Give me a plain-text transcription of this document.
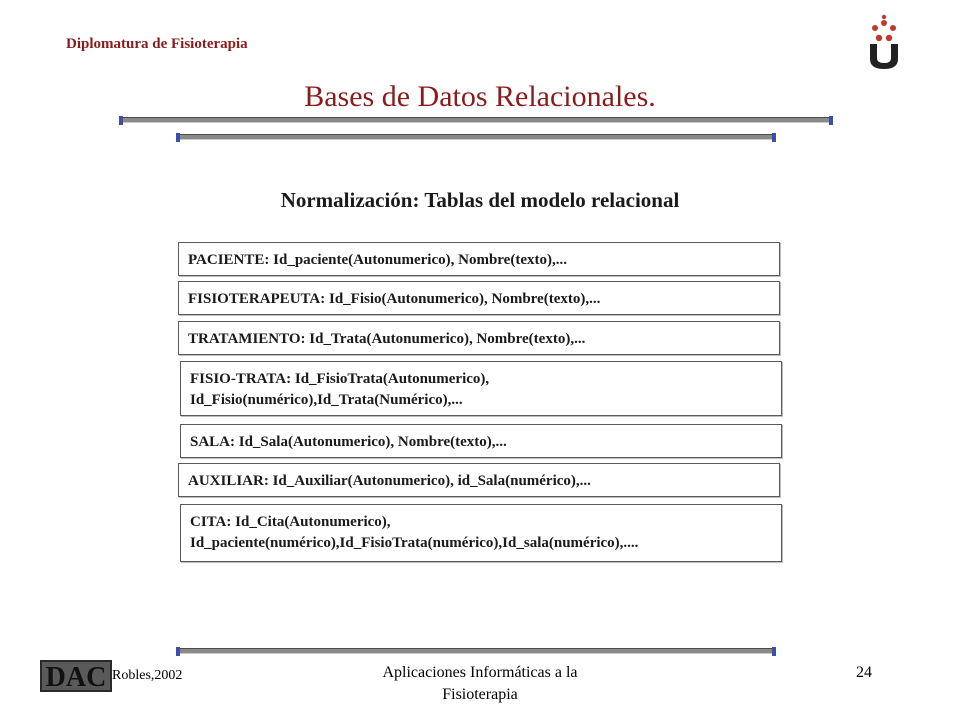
Diplomatura de Fisioterapia
Bases de Datos Relacionales.
Normalización: Tablas del modelo relacional
PACIENTE: Id_paciente(Autonumerico), Nombre(texto),...
FISIOTERAPEUTA: Id_Fisio(Autonumerico), Nombre(texto),...
TRATAMIENTO: Id_Trata(Autonumerico), Nombre(texto),...
FISIO-TRATA: Id_FisioTrata(Autonumerico),
Id_Fisio(numérico),Id_Trata(Numérico),...
SALA: Id_Sala(Autonumerico), Nombre(texto),...
AUXILIAR: Id_Auxiliar(Autonumerico), id_Sala(numérico),...
CITA: Id_Cita(Autonumerico),
Id_paciente(numérico),Id_FisioTrata(numérico),Id_sala(numérico),....
DAC Robles,2002	Aplicaciones Informáticas a la
Fisioterapia
24
